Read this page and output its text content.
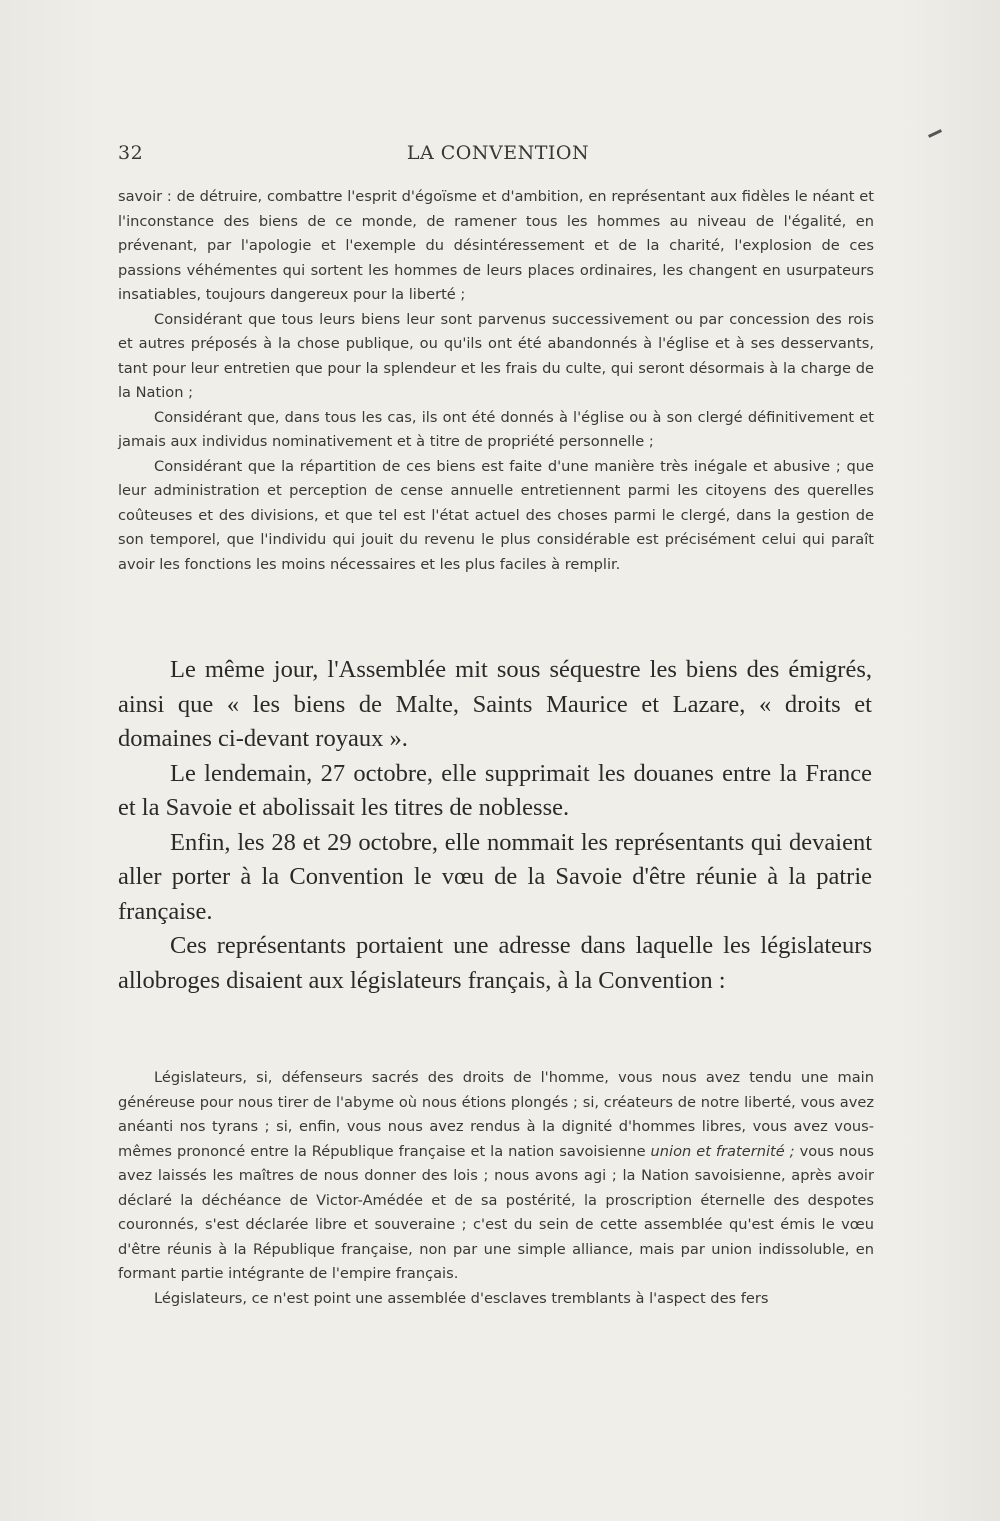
32	LA CONVENTION

savoir : de détruire, combattre l'esprit d'égoïsme et d'ambition, en représentant aux fidèles le néant et l'inconstance des biens de ce monde, de ramener tous les hommes au niveau de l'égalité, en prévenant, par l'apologie et l'exemple du désintéressement et de la charité, l'explosion de ces passions véhémentes qui sortent les hommes de leurs places ordinaires, les changent en usurpateurs insatiables, toujours dangereux pour la liberté ;

Considérant que tous leurs biens leur sont parvenus successivement ou par concession des rois et autres préposés à la chose publique, ou qu'ils ont été abandonnés à l'église et à ses desservants, tant pour leur entretien que pour la splendeur et les frais du culte, qui seront désormais à la charge de la Nation ;

Considérant que, dans tous les cas, ils ont été donnés à l'église ou à son clergé définitivement et jamais aux individus nominativement et à titre de propriété personnelle ;

Considérant que la répartition de ces biens est faite d'une manière très inégale et abusive ; que leur administration et perception de cense annuelle entretiennent parmi les citoyens des querelles coûteuses et des divisions, et que tel est l'état actuel des choses parmi le clergé, dans la gestion de son temporel, que l'individu qui jouit du revenu le plus considérable est précisément celui qui paraît avoir les fonctions les moins nécessaires et les plus faciles à remplir.

Le même jour, l'Assemblée mit sous séquestre les biens des émigrés, ainsi que « les biens de Malte, Saints Maurice et Lazare, « droits et domaines ci-devant royaux ».

Le lendemain, 27 octobre, elle supprimait les douanes entre la France et la Savoie et abolissait les titres de noblesse.

Enfin, les 28 et 29 octobre, elle nommait les représentants qui devaient aller porter à la Convention le vœu de la Savoie d'être réunie à la patrie française.

Ces représentants portaient une adresse dans laquelle les législateurs allobroges disaient aux législateurs français, à la Convention :

Législateurs, si, défenseurs sacrés des droits de l'homme, vous nous avez tendu une main généreuse pour nous tirer de l'abyme où nous étions plongés ; si, créateurs de notre liberté, vous avez anéanti nos tyrans ; si, enfin, vous nous avez rendus à la dignité d'hommes libres, vous avez vous-mêmes prononcé entre la République française et la nation savoisienne union et fraternité ; vous nous avez laissés les maîtres de nous donner des lois ; nous avons agi ; la Nation savoisienne, après avoir déclaré la déchéance de Victor-Amédée et de sa postérité, la proscription éternelle des despotes couronnés, s'est déclarée libre et souveraine ; c'est du sein de cette assemblée qu'est émis le vœu d'être réunis à la République française, non par une simple alliance, mais par union indissoluble, en formant partie intégrante de l'empire français.

Législateurs, ce n'est point une assemblée d'esclaves tremblants à l'aspect des fers
